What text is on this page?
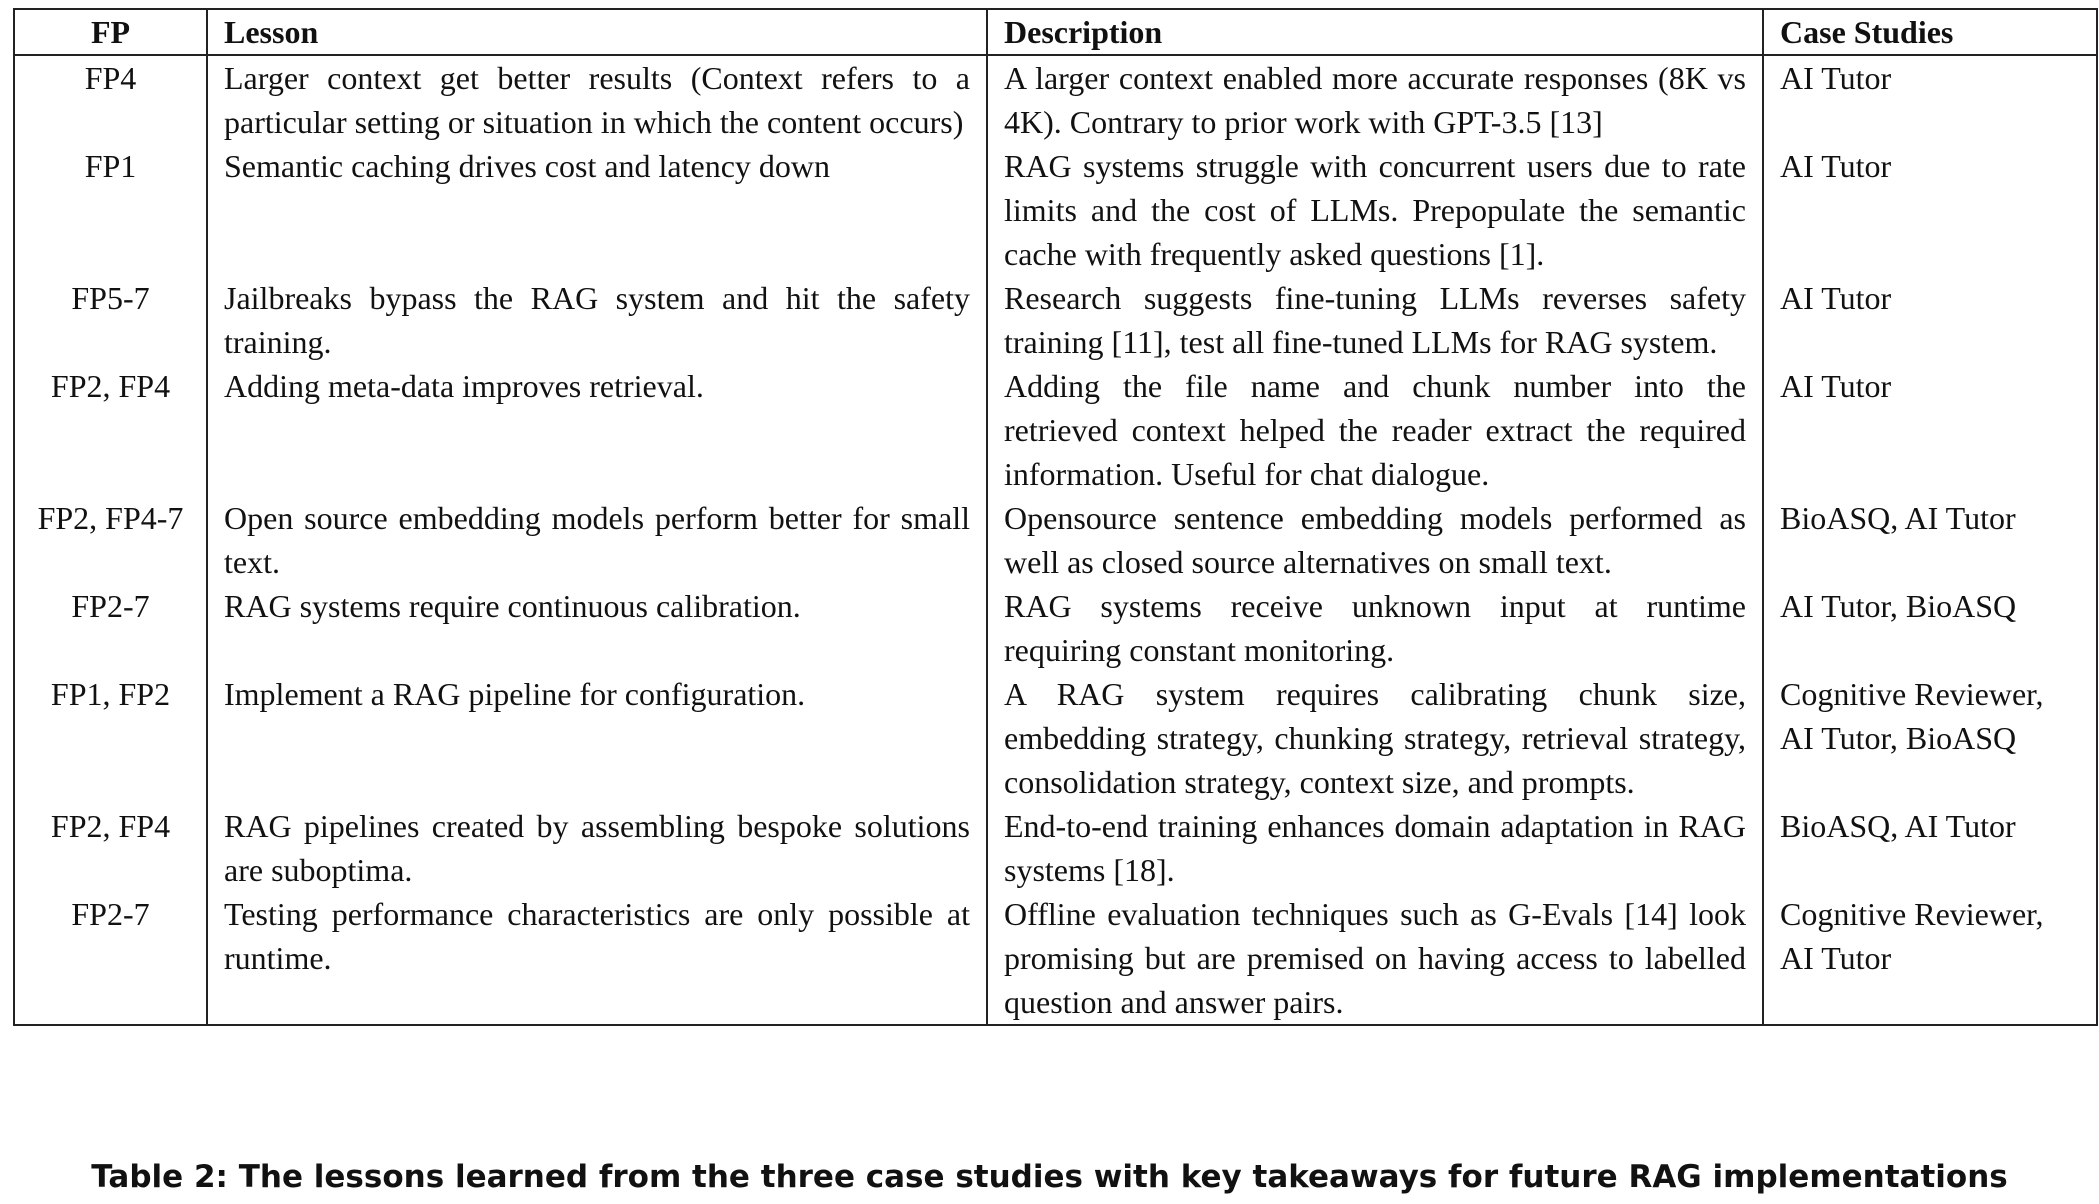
FP	Lesson	Description	Case Studies
FP4	Larger context get better results (Context refers to a particular setting or situation in which the content occurs)	A larger context enabled more accurate responses (8K vs 4K). Contrary to prior work with GPT-3.5 [13]	AI Tutor
FP1	Semantic caching drives cost and latency down	RAG systems struggle with concurrent users due to rate limits and the cost of LLMs. Prepopulate the semantic cache with frequently asked questions [1].	AI Tutor
FP5-7	Jailbreaks bypass the RAG system and hit the safety training.	Research suggests fine-tuning LLMs reverses safety training [11], test all fine-tuned LLMs for RAG system.	AI Tutor
FP2, FP4	Adding meta-data improves retrieval.	Adding the file name and chunk number into the retrieved context helped the reader extract the required information. Useful for chat dialogue.	AI Tutor
FP2, FP4-7	Open source embedding models perform better for small text.	Opensource sentence embedding models performed as well as closed source alternatives on small text.	BioASQ, AI Tutor
FP2-7	RAG systems require continuous calibration.	RAG systems receive unknown input at runtime requiring constant monitoring.	AI Tutor, BioASQ
FP1, FP2	Implement a RAG pipeline for configuration.	A RAG system requires calibrating chunk size, embedding strategy, chunking strategy, retrieval strategy, consolidation strategy, context size, and prompts.	Cognitive Reviewer, AI Tutor, BioASQ
FP2, FP4	RAG pipelines created by assembling bespoke solutions are suboptima.	End-to-end training enhances domain adaptation in RAG systems [18].	BioASQ, AI Tutor
FP2-7	Testing performance characteristics are only possible at runtime.	Offline evaluation techniques such as G-Evals [14] look promising but are premised on having access to labelled question and answer pairs.	Cognitive Reviewer, AI Tutor
Table 2: The lessons learned from the three case studies with key takeaways for future RAG implementations
